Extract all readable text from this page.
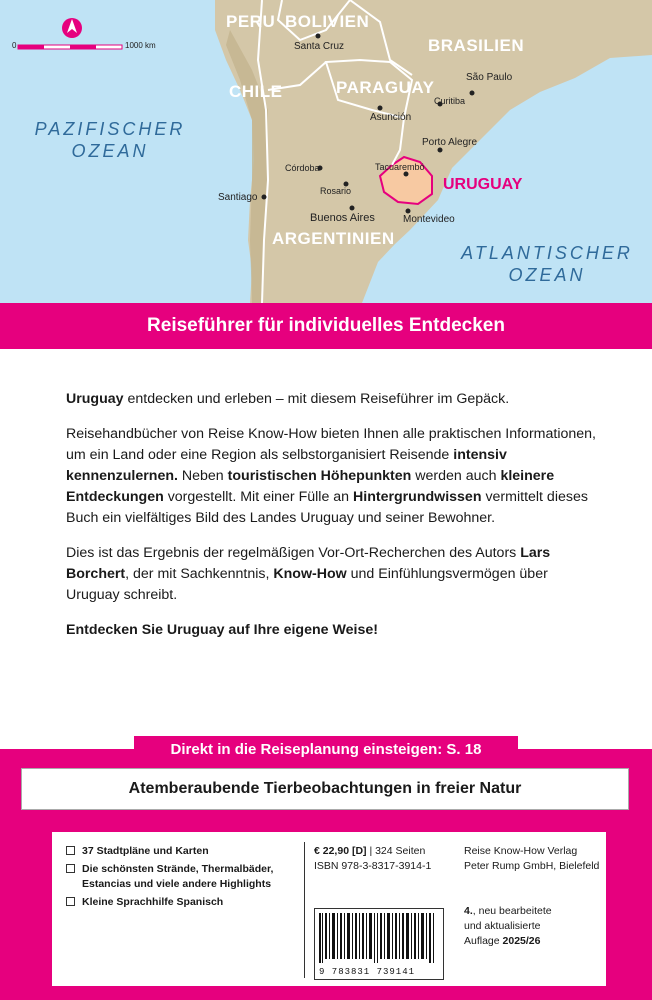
0	1000 km
PERU BOLIVIEN
BRASILIEN
CHILE	PARAGUAY
ARGENTINIEN
URUGUAY
Santa Cruz
São Paulo
Asunción
Curitiba
Porto Alegre
Córdoba	Tacuarembó
Rosario
Santiago
Buenos Aires	Montevideo
PAZIFISCHER
OZEAN
ATLANTISCHER
OZEAN
Reiseführer für individuelles Entdecken

Uruguay entdecken und erleben – mit diesem Reiseführer im Gepäck.

Reisehandbücher von Reise Know-How bieten Ihnen alle praktischen Informationen, um ein Land oder eine Region als selbstorganisiert Reisende intensiv kennenzulernen. Neben touristischen Höhepunkten werden auch kleinere Entdeckungen vorgestellt. Mit einer Fülle an Hintergrundwissen vermittelt dieses Buch ein vielfältiges Bild des Landes Uruguay und seiner Bewohner.

Dies ist das Ergebnis der regelmäßigen Vor-Ort-Recherchen des Autors Lars Borchert, der mit Sachkenntnis, Know-How und Einfühlungsvermögen über Uruguay schreibt.

Entdecken Sie Uruguay auf Ihre eigene Weise!

Direkt in die Reiseplanung einsteigen: S. 18
Atemberaubende Tierbeobachtungen in freier Natur
37 Stadtpläne und Karten
Die schönsten Strände, Thermalbäder, Estancias und viele andere Highlights
Kleine Sprachhilfe Spanisch
€ 22,90 [D] | 324 Seiten
ISBN 978-3-8317-3914-1
9 783831 739141
Reise Know-How Verlag
Peter Rump GmbH, Bielefeld
4., neu bearbeitete
und aktualisierte
Auflage 2025/26
